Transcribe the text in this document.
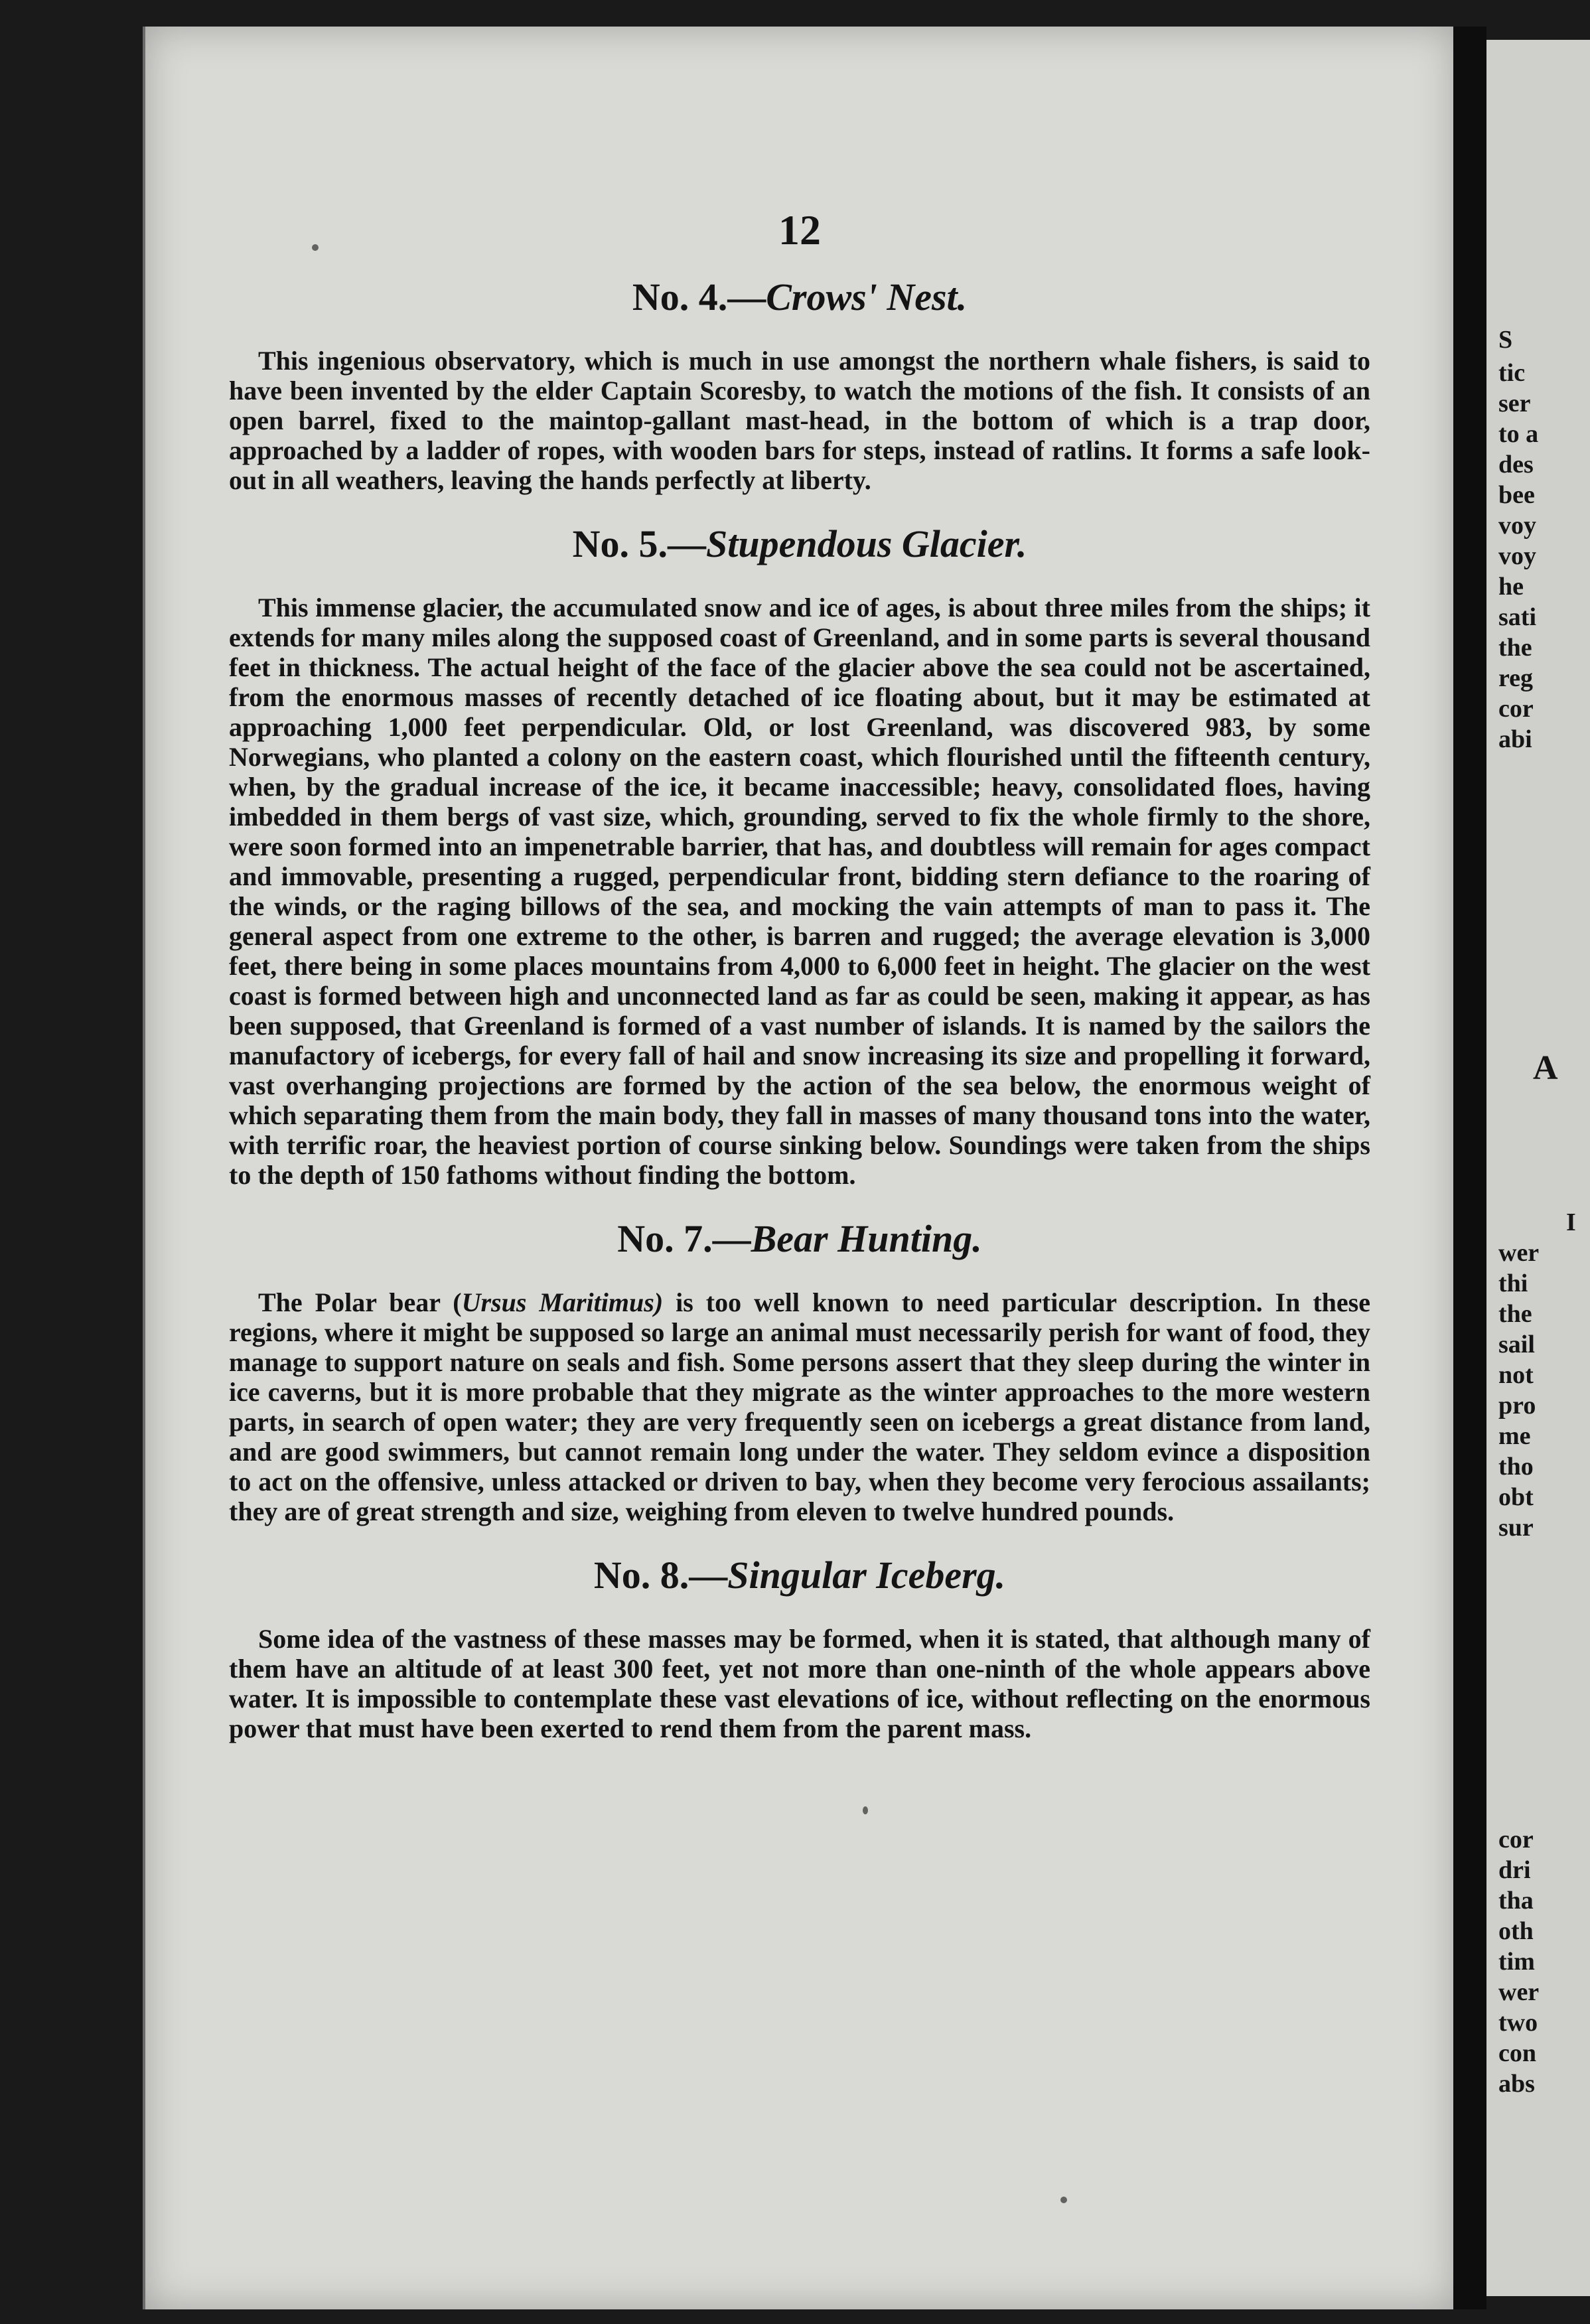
S
tic
ser
to a
des
bee
voy
voy
he
sati
the
reg
cor
abi
A
I
wer
thi
the
sail
not
pro
me
tho
obt
sur
cor
dri
tha
oth
tim
wer
two
con
abs
12
No. 4.—Crows' Nest.

This ingenious observatory, which is much in use amongst the northern whale fishers, is said to have been invented by the elder Captain Scoresby, to watch the motions of the fish. It consists of an open barrel, fixed to the maintop-gallant mast-head, in the bottom of which is a trap door, approached by a ladder of ropes, with wooden bars for steps, instead of ratlins. It forms a safe look-out in all weathers, leaving the hands perfectly at liberty.

No. 5.—Stupendous Glacier.

This immense glacier, the accumulated snow and ice of ages, is about three miles from the ships; it extends for many miles along the supposed coast of Greenland, and in some parts is several thousand feet in thickness. The actual height of the face of the glacier above the sea could not be ascertained, from the enormous masses of recently detached of ice floating about, but it may be estimated at approaching 1,000 feet perpendicular. Old, or lost Greenland, was discovered 983, by some Norwegians, who planted a colony on the eastern coast, which flourished until the fifteenth century, when, by the gradual increase of the ice, it became inaccessible; heavy, consolidated floes, having imbedded in them bergs of vast size, which, grounding, served to fix the whole firmly to the shore, were soon formed into an impenetrable barrier, that has, and doubtless will remain for ages compact and immovable, presenting a rugged, perpendicular front, bidding stern defiance to the roaring of the winds, or the raging billows of the sea, and mocking the vain attempts of man to pass it. The general aspect from one extreme to the other, is barren and rugged; the average elevation is 3,000 feet, there being in some places mountains from 4,000 to 6,000 feet in height. The glacier on the west coast is formed between high and unconnected land as far as could be seen, making it appear, as has been supposed, that Greenland is formed of a vast number of islands. It is named by the sailors the manufactory of icebergs, for every fall of hail and snow increasing its size and propelling it forward, vast overhanging projections are formed by the action of the sea below, the enormous weight of which separating them from the main body, they fall in masses of many thousand tons into the water, with terrific roar, the heaviest portion of course sinking below. Soundings were taken from the ships to the depth of 150 fathoms without finding the bottom.

No. 7.—Bear Hunting.

The Polar bear (Ursus Maritimus) is too well known to need particular description. In these regions, where it might be supposed so large an animal must necessarily perish for want of food, they manage to support nature on seals and fish. Some persons assert that they sleep during the winter in ice caverns, but it is more probable that they migrate as the winter approaches to the more western parts, in search of open water; they are very frequently seen on icebergs a great distance from land, and are good swimmers, but cannot remain long under the water. They seldom evince a disposition to act on the offensive, unless attacked or driven to bay, when they become very ferocious assailants; they are of great strength and size, weighing from eleven to twelve hundred pounds.

No. 8.—Singular Iceberg.

Some idea of the vastness of these masses may be formed, when it is stated, that although many of them have an altitude of at least 300 feet, yet not more than one-ninth of the whole appears above water. It is impossible to contemplate these vast elevations of ice, without reflecting on the enormous power that must have been exerted to rend them from the parent mass.
